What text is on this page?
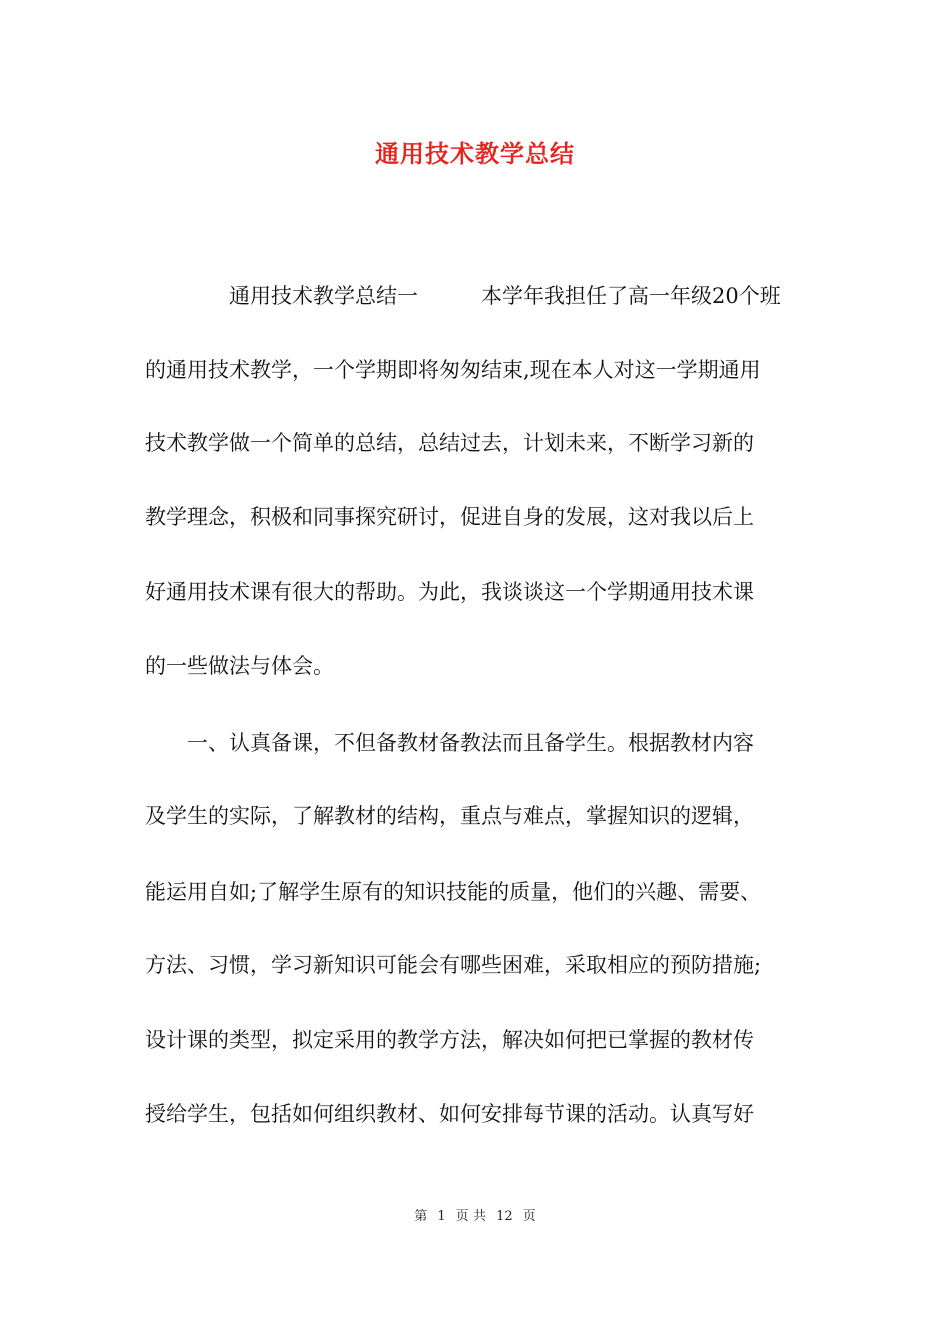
通用技术教学总结
　　　　通用技术教学总结一　　　本学年我担任了高一年级20个班
的通用技术教学，一个学期即将匆匆结束,现在本人对这一学期通用
技术教学做一个简单的总结，总结过去，计划未来，不断学习新的
教学理念，积极和同事探究研讨，促进自身的发展，这对我以后上
好通用技术课有很大的帮助。为此，我谈谈这一个学期通用技术课
的一些做法与体会。
　　一、认真备课，不但备教材备教法而且备学生。根据教材内容
及学生的实际，了解教材的结构，重点与难点，掌握知识的逻辑，
能运用自如;了解学生原有的知识技能的质量，他们的兴趣、需要、
方法、习惯，学习新知识可能会有哪些困难，采取相应的预防措施;
设计课的类型，拟定采用的教学方法，解决如何把已掌握的教材传
授给学生，包括如何组织教材、如何安排每节课的活动。认真写好
第 1 页 共 12 页
